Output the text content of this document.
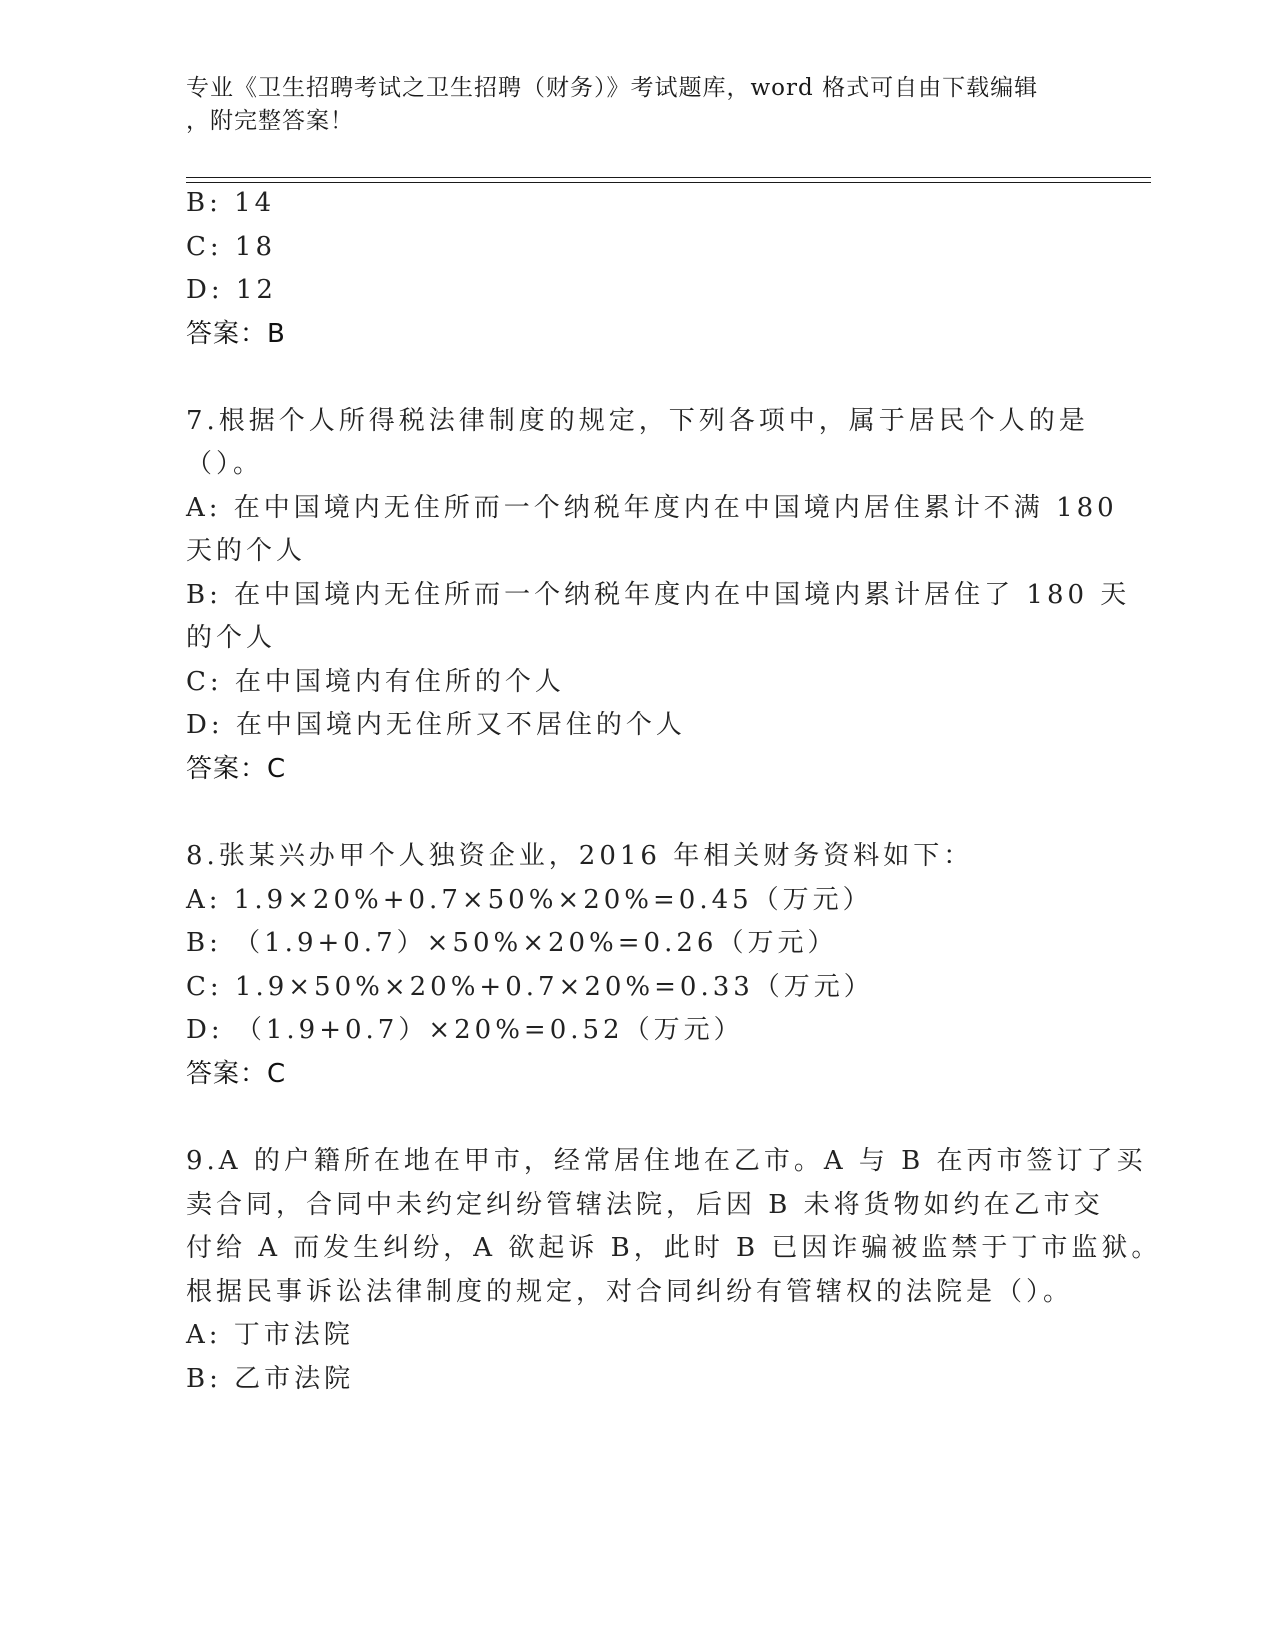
专业《卫生招聘考试之卫生招聘（财务）》考试题库，word 格式可自由下载编辑
，附完整答案！
B: 14
C: 18
D: 12
答案：B
7.根据个人所得税法律制度的规定，下列各项中，属于居民个人的是
（）。
A: 在中国境内无住所而一个纳税年度内在中国境内居住累计不满 180
天的个人
B: 在中国境内无住所而一个纳税年度内在中国境内累计居住了 180 天
的个人
C: 在中国境内有住所的个人
D: 在中国境内无住所又不居住的个人
答案：C
8.张某兴办甲个人独资企业，2016 年相关财务资料如下：
A: 1.9×20%+0.7×50%×20%=0.45（万元）
B: （1.9+0.7）×50%×20%=0.26（万元）
C: 1.9×50%×20%+0.7×20%=0.33（万元）
D: （1.9+0.7）×20%=0.52（万元）
答案：C
9.A 的户籍所在地在甲市，经常居住地在乙市。A 与 B 在丙市签订了买
卖合同，合同中未约定纠纷管辖法院，后因 B 未将货物如约在乙市交
付给 A 而发生纠纷，A 欲起诉 B，此时 B 已因诈骗被监禁于丁市监狱。
根据民事诉讼法律制度的规定，对合同纠纷有管辖权的法院是（）。
A: 丁市法院
B: 乙市法院
